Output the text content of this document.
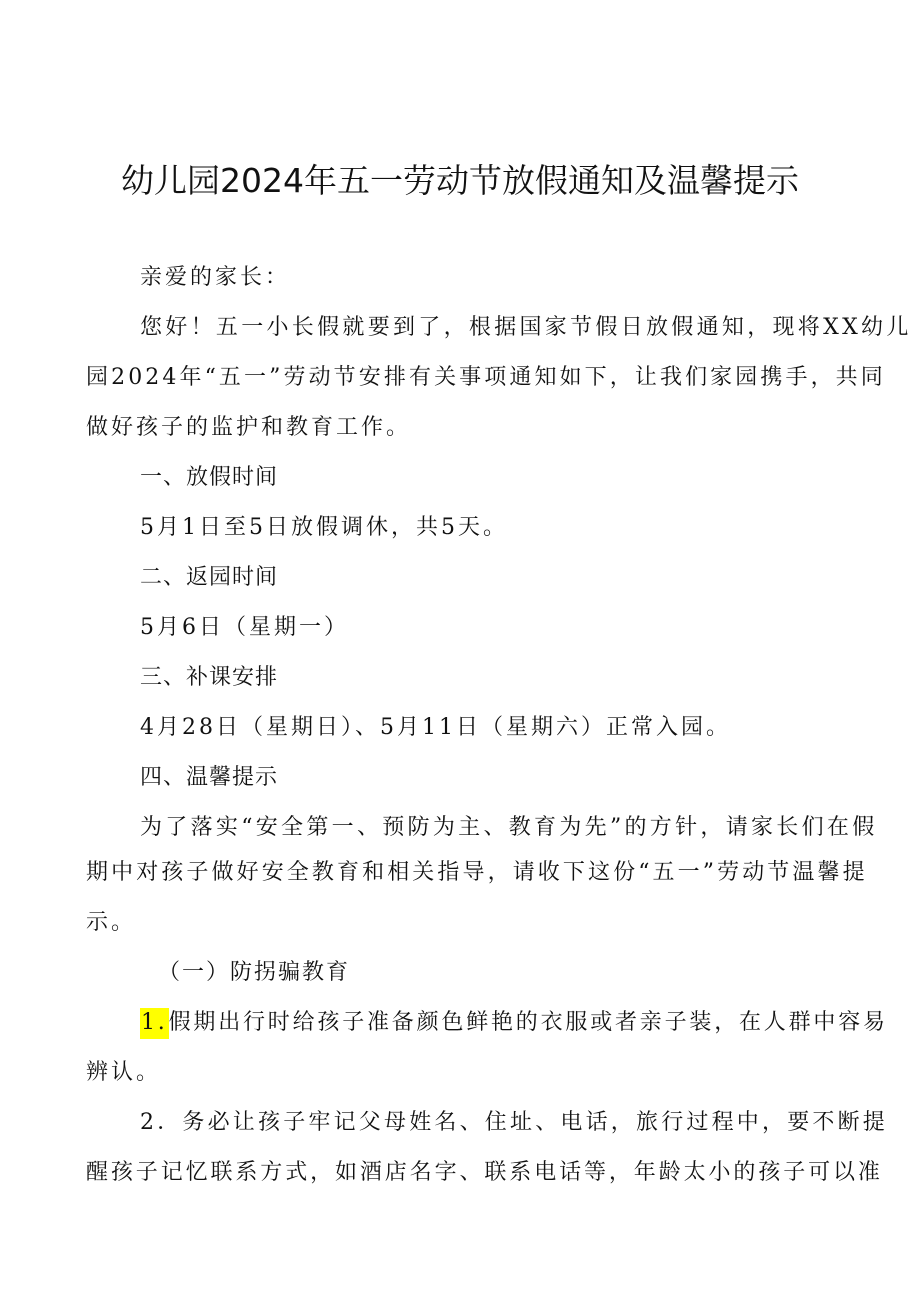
幼儿园2024年五一劳动节放假通知及温馨提示
亲爱的家长：
您好！五一小长假就要到了，根据国家节假日放假通知，现将XX幼儿
园2024年“五一”劳动节安排有关事项通知如下，让我们家园携手，共同
做好孩子的监护和教育工作。
一、放假时间
5月1日至5日放假调休，共5天。
二、返园时间
5月6日（星期一）
三、补课安排
4月28日（星期日）、5月11日（星期六）正常入园。
四、温馨提示
为了落实“安全第一、预防为主、教育为先”的方针，请家长们在假
期中对孩子做好安全教育和相关指导，请收下这份“五一”劳动节温馨提
示。
（一）防拐骗教育
1.假期出行时给孩子准备颜色鲜艳的衣服或者亲子装，在人群中容易
辨认。
2．务必让孩子牢记父母姓名、住址、电话，旅行过程中，要不断提
醒孩子记忆联系方式，如酒店名字、联系电话等，年龄太小的孩子可以准
